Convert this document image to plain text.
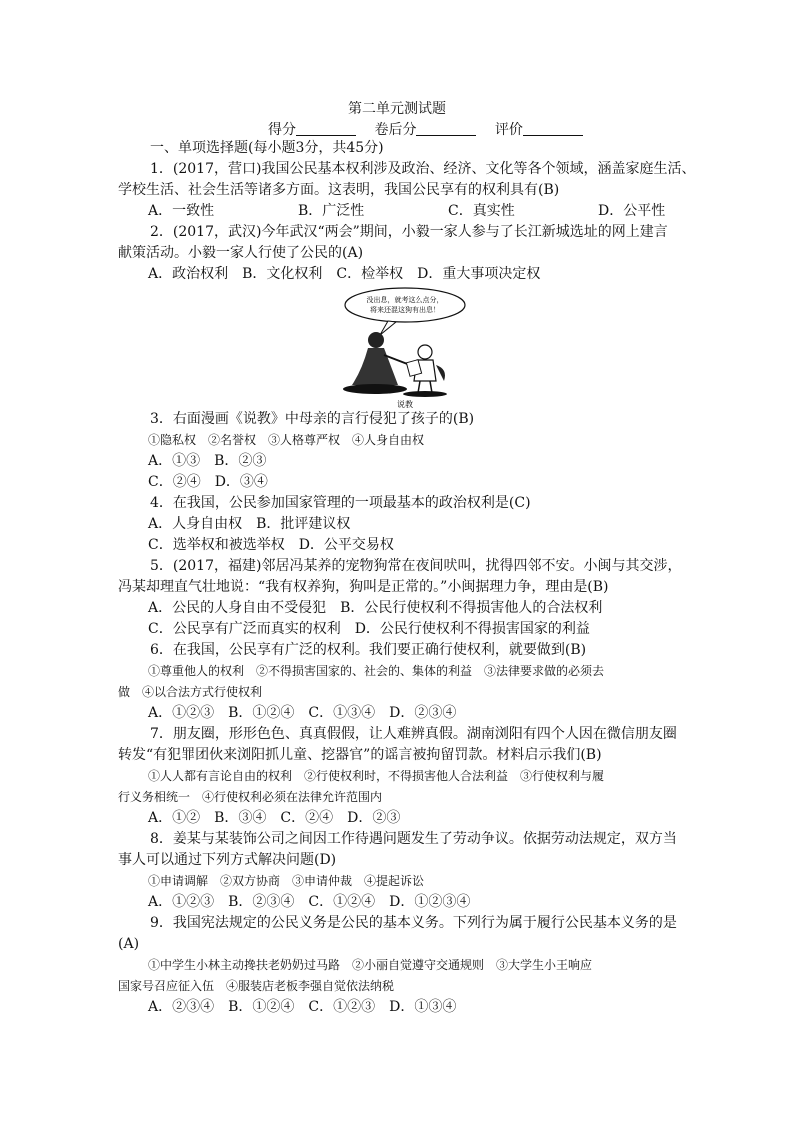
第二单元测试题
得分	卷后分	评价
一、单项选择题(每小题3分，共45分)
1．(2017，营口)我国公民基本权利涉及政治、经济、文化等各个领域，涵盖家庭生活、
学校生活、社会生活等诸多方面。这表明，我国公民享有的权利具有(B)
A．一致性	B．广泛性	C．真实性	D．公平性
2．(2017，武汉)今年武汉“两会”期间，小毅一家人参与了长江新城选址的网上建言
献策活动。小毅一家人行使了公民的(A)
A．政治权利　B．文化权利　C．检举权　D．重大事项决定权
没出息，就考这么点分，
将来还混这狗有出息！
说教
3．右面漫画《说教》中母亲的言行侵犯了孩子的(B)
①隐私权　②名誉权　③人格尊严权　④人身自由权
A．①③　B．②③
C．②④　D．③④
4．在我国，公民参加国家管理的一项最基本的政治权利是(C)
A．人身自由权　B．批评建议权
C．选举权和被选举权　D．公平交易权
5．(2017，福建)邻居冯某养的宠物狗常在夜间吠叫，扰得四邻不安。小闽与其交涉，
冯某却理直气壮地说：“我有权养狗，狗叫是正常的。”小闽据理力争，理由是(B)
A．公民的人身自由不受侵犯　B．公民行使权利不得损害他人的合法权利
C．公民享有广泛而真实的权利　D．公民行使权利不得损害国家的利益
6．在我国，公民享有广泛的权利。我们要正确行使权利，就要做到(B)
①尊重他人的权利　②不得损害国家的、社会的、集体的利益　③法律要求做的必须去
做　④以合法方式行使权利
A．①②③　B．①②④　C．①③④　D．②③④
7．朋友圈，形形色色、真真假假，让人难辨真假。湖南浏阳有四个人因在微信朋友圈
转发“有犯罪团伙来浏阳抓儿童、挖器官”的谣言被拘留罚款。材料启示我们(B)
①人人都有言论自由的权利　②行使权利时，不得损害他人合法利益　③行使权利与履
行义务相统一　④行使权利必须在法律允许范围内
A．①②　B．③④　C．②④　D．②③
8．姜某与某装饰公司之间因工作待遇问题发生了劳动争议。依据劳动法规定，双方当
事人可以通过下列方式解决问题(D)
①申请调解　②双方协商　③申请仲裁　④提起诉讼
A．①②③　B．②③④　C．①②④　D．①②③④
9．我国宪法规定的公民义务是公民的基本义务。下列行为属于履行公民基本义务的是
(A)
①中学生小林主动搀扶老奶奶过马路　②小丽自觉遵守交通规则　③大学生小王响应
国家号召应征入伍　④服装店老板李强自觉依法纳税
A．②③④　B．①②④　C．①②③　D．①③④
